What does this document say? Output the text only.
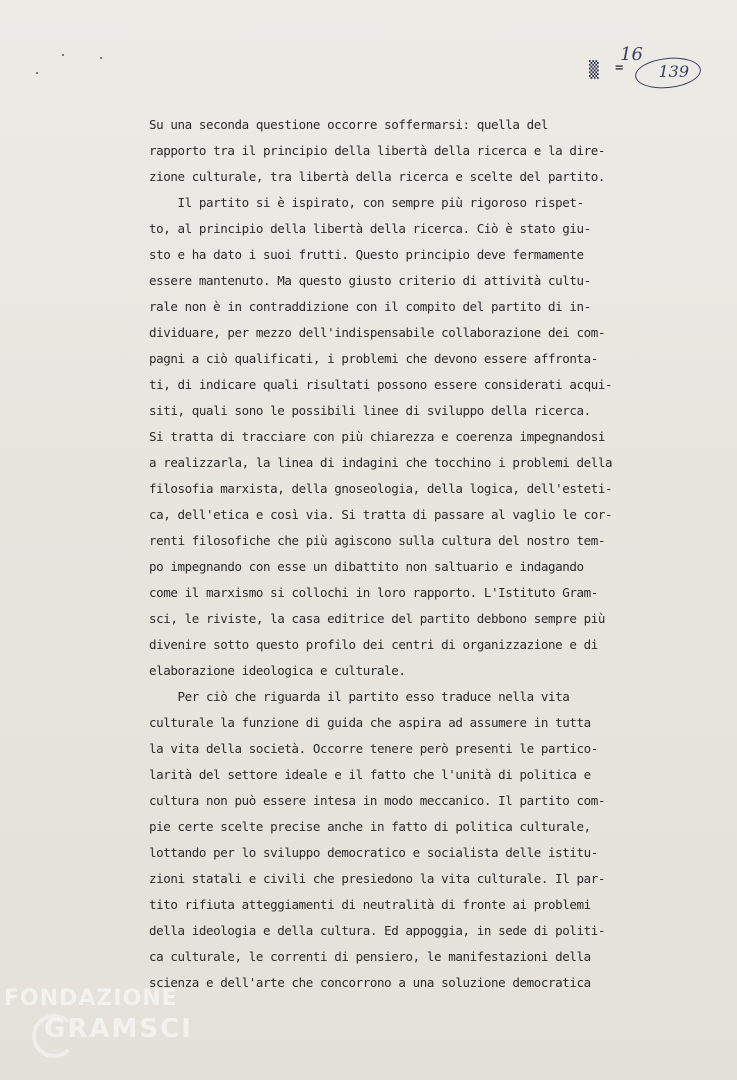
16
▒ = 139
Su una seconda questione occorre soffermarsi: quella del
rapporto tra il principio della libertà della ricerca e la dire-
zione culturale, tra libertà della ricerca e scelte del partito.
Il partito si è ispirato, con sempre più rigoroso rispet-
to, al principio della libertà della ricerca. Ciò è stato giu-
sto e ha dato i suoi frutti. Questo principio deve fermamente
essere mantenuto. Ma questo giusto criterio di attività cultu-
rale non è in contraddizione con il compito del partito di in-
dividuare, per mezzo dell'indispensabile collaborazione dei com-
pagni a ciò qualificati, i problemi che devono essere affronta-
ti, di indicare quali risultati possono essere considerati acqui-
siti, quali sono le possibili linee di sviluppo della ricerca.
Si tratta di tracciare con più chiarezza e coerenza impegnandosi
a realizzarla, la linea di indagini che tocchino i problemi della
filosofia marxista, della gnoseologia, della logica, dell'esteti-
ca, dell'etica e così via. Si tratta di passare al vaglio le cor-
renti filosofiche che più agiscono sulla cultura del nostro tem-
po impegnando con esse un dibattito non saltuario e indagando
come il marxismo si collochi in loro rapporto. L'Istituto Gram-
sci, le riviste, la casa editrice del partito debbono sempre più
divenire sotto questo profilo dei centri di organizzazione e di
elaborazione ideologica e culturale.
Per ciò che riguarda il partito esso traduce nella vita
culturale la funzione di guida che aspira ad assumere in tutta
la vita della società. Occorre tenere però presenti le partico-
larità del settore ideale e il fatto che l'unità di politica e
cultura non può essere intesa in modo meccanico. Il partito com-
pie certe scelte precise anche in fatto di politica culturale,
lottando per lo sviluppo democratico e socialista delle istitu-
zioni statali e civili che presiedono la vita culturale. Il par-
tito rifiuta atteggiamenti di neutralità di fronte ai problemi
della ideologia e della cultura. Ed appoggia, in sede di politi-
ca culturale, le correnti di pensiero, le manifestazioni della
scienza e dell'arte che concorrono a una soluzione democratica
FONDAZIONE
GRAMSCI
